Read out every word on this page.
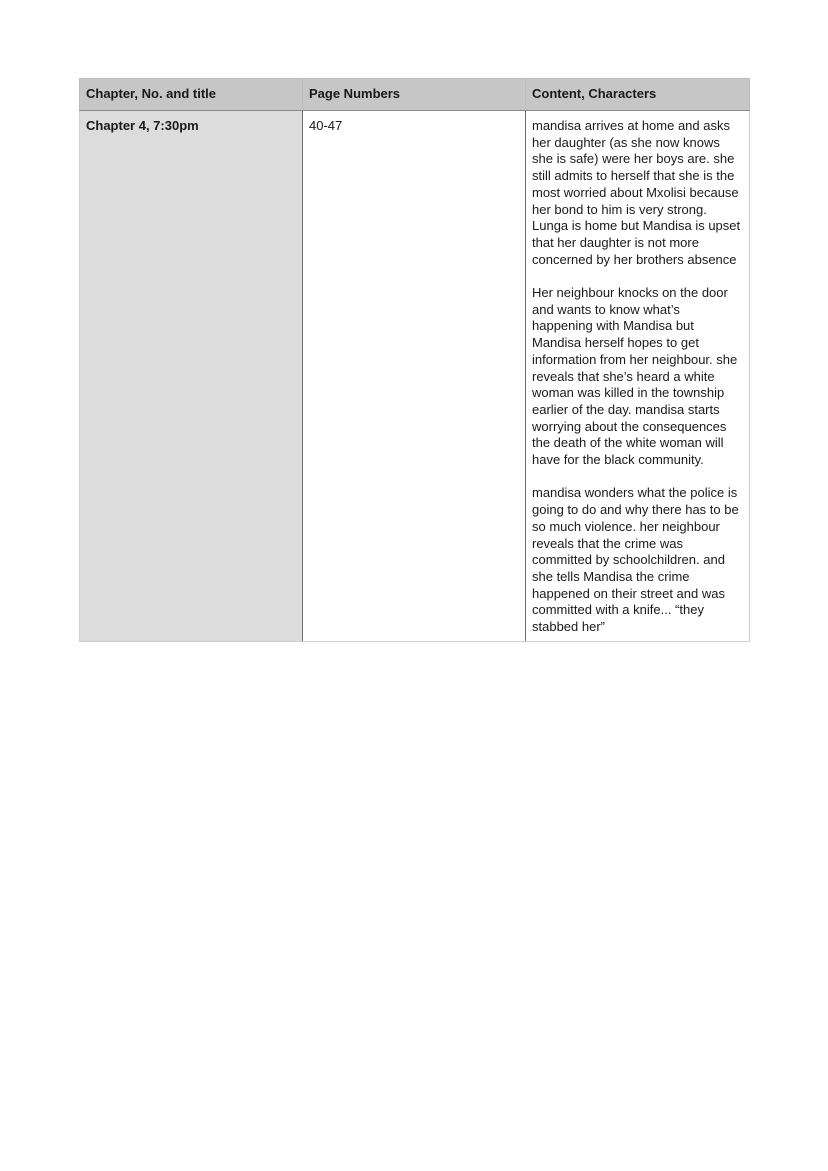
Chapter, No. and title	Page Numbers	Content, Characters
Chapter 4, 7:30pm	40-47	mandisa arrives at home and asks her daughter (as she now knows she is safe) were her boys are. she still admits to herself that she is the most worried about Mxolisi because her bond to him is very strong. Lunga is home but Mandisa is upset that her daughter is not more concerned by her brothers absence

Her neighbour knocks on the door and wants to know what’s happening with Mandisa but Mandisa herself hopes to get information from her neighbour. she reveals that she’s heard a white woman was killed in the township earlier of the day. mandisa starts worrying about the consequences the death of the white woman will have for the black community.

mandisa wonders what the police is going to do and why there has to be so much violence. her neighbour reveals that the crime was committed by schoolchildren. and she tells Mandisa the crime happened on their street and was committed with a knife... “they stabbed her”
